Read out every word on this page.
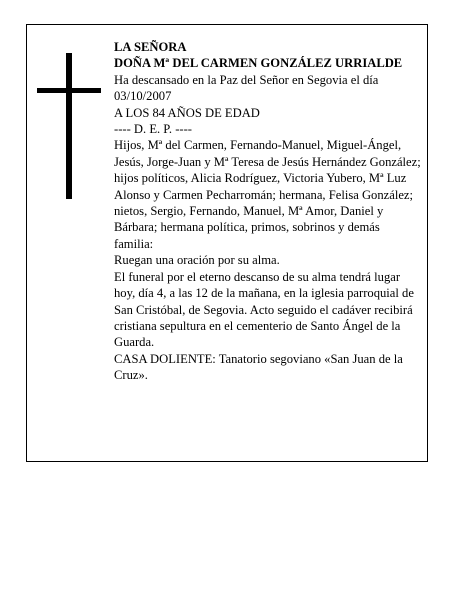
LA SEÑORA

DOÑA Mª DEL CARMEN GONZÁLEZ URRIALDE

Ha descansado en la Paz del Señor en Segovia el día 03/10/2007

A LOS 84 AÑOS DE EDAD

---- D. E. P. ----

Hijos, Mª del Carmen, Fernando-Manuel, Miguel-Ángel, Jesús, Jorge-Juan y Mª Teresa de Jesús Hernández González; hijos políticos, Alicia Rodríguez, Victoria Yubero, Mª Luz Alonso y Carmen Pecharromán; hermana, Felisa González; nietos, Sergio, Fernando, Manuel, Mª Amor, Daniel y Bárbara; hermana política, primos, sobrinos y demás familia:

Ruegan una oración por su alma.

El funeral por el eterno descanso de su alma tendrá lugar hoy, día 4, a las 12 de la mañana, en la iglesia parroquial de San Cristóbal, de Segovia. Acto seguido el cadáver recibirá cristiana sepultura en el cementerio de Santo Ángel de la Guarda.

CASA DOLIENTE: Tanatorio segoviano «San Juan de la Cruz».
